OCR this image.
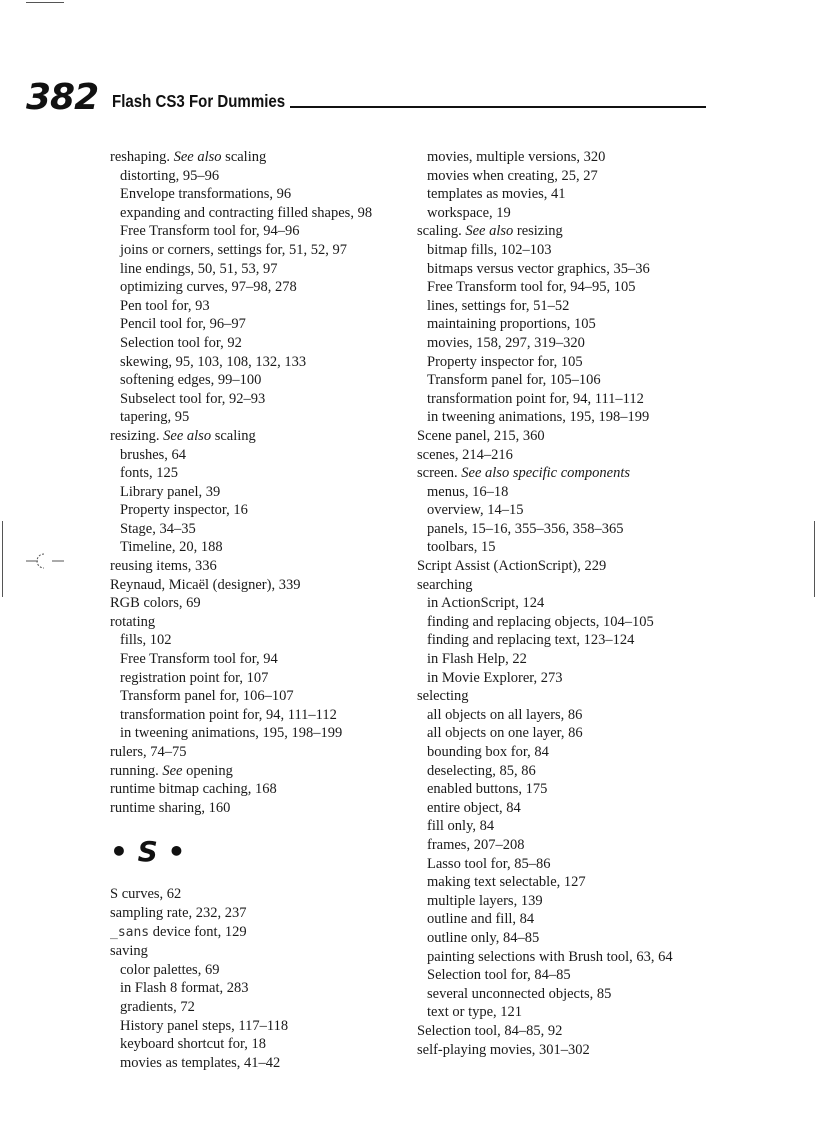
382 Flash CS3 For Dummies
reshaping. See also scaling
distorting, 95–96
Envelope transformations, 96
expanding and contracting filled shapes, 98
Free Transform tool for, 94–96
joins or corners, settings for, 51, 52, 97
line endings, 50, 51, 53, 97
optimizing curves, 97–98, 278
Pen tool for, 93
Pencil tool for, 96–97
Selection tool for, 92
skewing, 95, 103, 108, 132, 133
softening edges, 99–100
Subselect tool for, 92–93
tapering, 95
resizing. See also scaling
brushes, 64
fonts, 125
Library panel, 39
Property inspector, 16
Stage, 34–35
Timeline, 20, 188
reusing items, 336
Reynaud, Micaël (designer), 339
RGB colors, 69
rotating
fills, 102
Free Transform tool for, 94
registration point for, 107
Transform panel for, 106–107
transformation point for, 94, 111–112
in tweening animations, 195, 198–199
rulers, 74–75
running. See opening
runtime bitmap caching, 168
runtime sharing, 160
• S •
S curves, 62
sampling rate, 232, 237
_sans device font, 129
saving
color palettes, 69
in Flash 8 format, 283
gradients, 72
History panel steps, 117–118
keyboard shortcut for, 18
movies as templates, 41–42
movies, multiple versions, 320
movies when creating, 25, 27
templates as movies, 41
workspace, 19
scaling. See also resizing
bitmap fills, 102–103
bitmaps versus vector graphics, 35–36
Free Transform tool for, 94–95, 105
lines, settings for, 51–52
maintaining proportions, 105
movies, 158, 297, 319–320
Property inspector for, 105
Transform panel for, 105–106
transformation point for, 94, 111–112
in tweening animations, 195, 198–199
Scene panel, 215, 360
scenes, 214–216
screen. See also specific components
menus, 16–18
overview, 14–15
panels, 15–16, 355–356, 358–365
toolbars, 15
Script Assist (ActionScript), 229
searching
in ActionScript, 124
finding and replacing objects, 104–105
finding and replacing text, 123–124
in Flash Help, 22
in Movie Explorer, 273
selecting
all objects on all layers, 86
all objects on one layer, 86
bounding box for, 84
deselecting, 85, 86
enabled buttons, 175
entire object, 84
fill only, 84
frames, 207–208
Lasso tool for, 85–86
making text selectable, 127
multiple layers, 139
outline and fill, 84
outline only, 84–85
painting selections with Brush tool, 63, 64
Selection tool for, 84–85
several unconnected objects, 85
text or type, 121
Selection tool, 84–85, 92
self-playing movies, 301–302
